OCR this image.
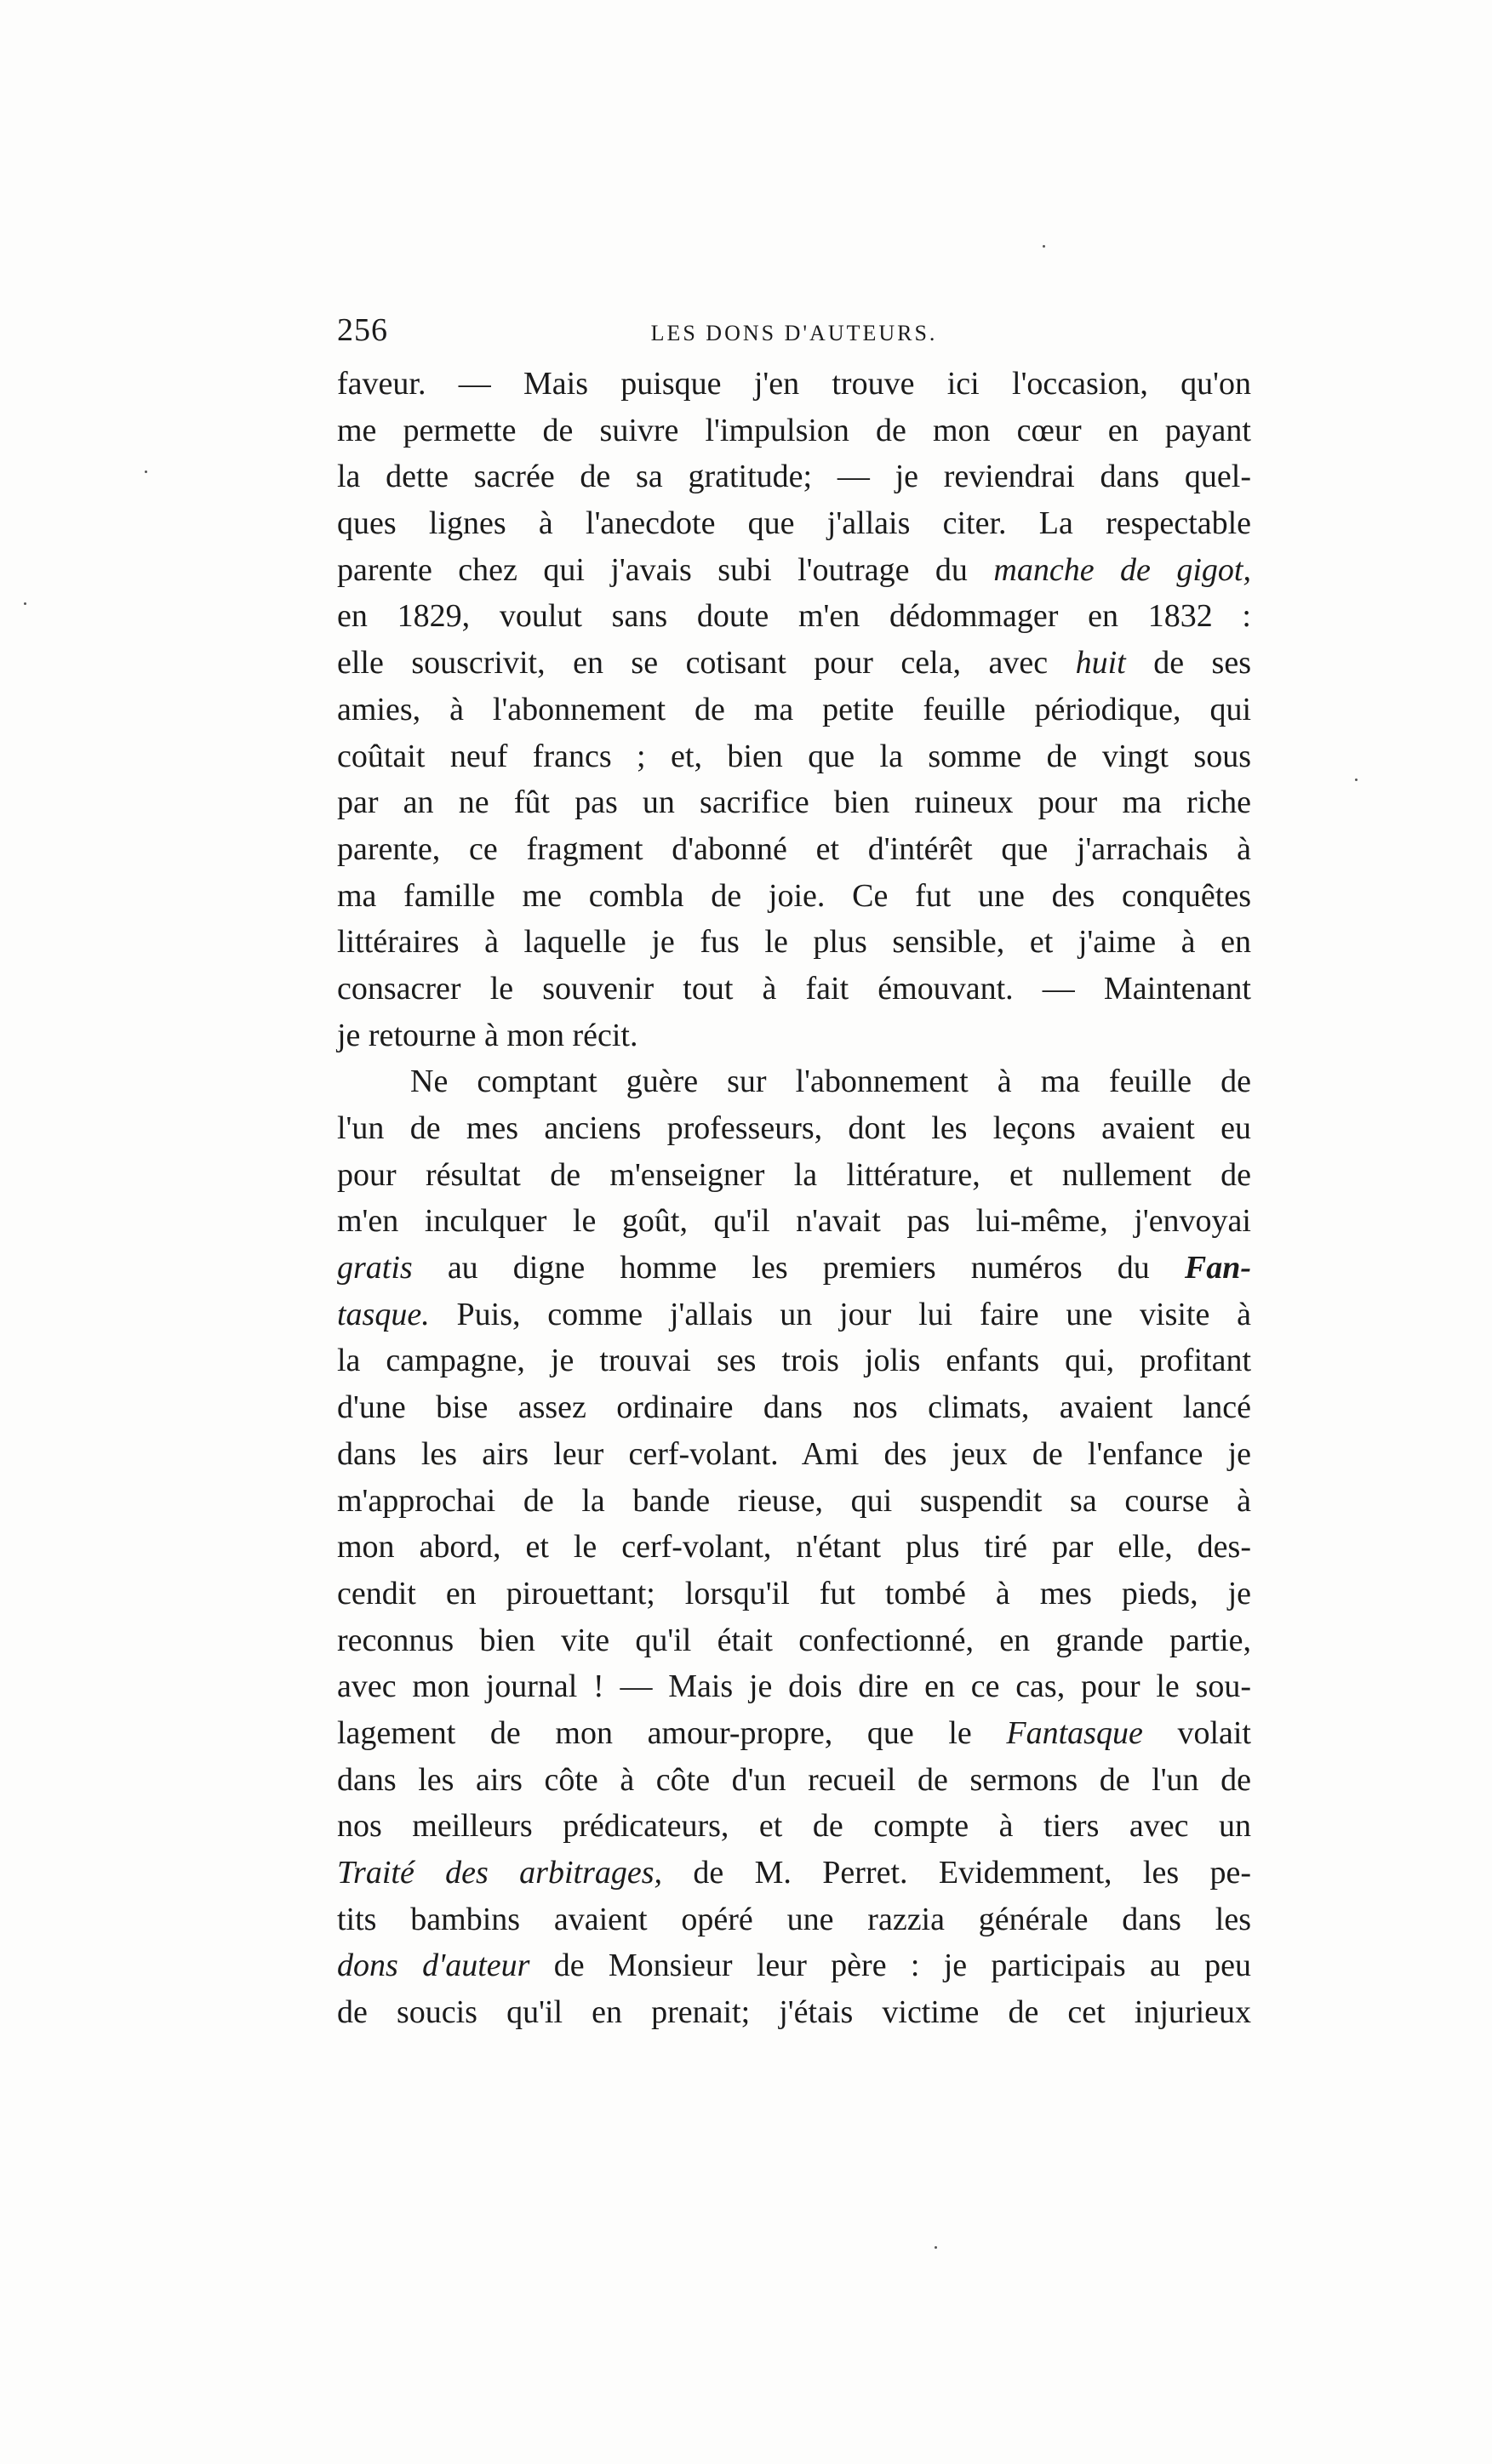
256	LES DONS D'AUTEURS.
faveur. — Mais puisque j'en trouve ici l'occasion, qu'on
me permette de suivre l'impulsion de mon cœur en payant
la dette sacrée de sa gratitude; — je reviendrai dans quel-
ques lignes à l'anecdote que j'allais citer. La respectable
parente chez qui j'avais subi l'outrage du manche de gigot,
en 1829, voulut sans doute m'en dédommager en 1832 :
elle souscrivit, en se cotisant pour cela, avec huit de ses
amies, à l'abonnement de ma petite feuille périodique, qui
coûtait neuf francs ; et, bien que la somme de vingt sous
par an ne fût pas un sacrifice bien ruineux pour ma riche
parente, ce fragment d'abonné et d'intérêt que j'arrachais à
ma famille me combla de joie. Ce fut une des conquêtes
littéraires à laquelle je fus le plus sensible, et j'aime à en
consacrer le souvenir tout à fait émouvant. — Maintenant
je retourne à mon récit.
Ne comptant guère sur l'abonnement à ma feuille de
l'un de mes anciens professeurs, dont les leçons avaient eu
pour résultat de m'enseigner la littérature, et nullement de
m'en inculquer le goût, qu'il n'avait pas lui-même, j'envoyai
gratis au digne homme les premiers numéros du Fan-
tasque. Puis, comme j'allais un jour lui faire une visite à
la campagne, je trouvai ses trois jolis enfants qui, profitant
d'une bise assez ordinaire dans nos climats, avaient lancé
dans les airs leur cerf-volant. Ami des jeux de l'enfance je
m'approchai de la bande rieuse, qui suspendit sa course à
mon abord, et le cerf-volant, n'étant plus tiré par elle, des-
cendit en pirouettant; lorsqu'il fut tombé à mes pieds, je
reconnus bien vite qu'il était confectionné, en grande partie,
avec mon journal ! — Mais je dois dire en ce cas, pour le sou-
lagement de mon amour-propre, que le Fantasque volait
dans les airs côte à côte d'un recueil de sermons de l'un de
nos meilleurs prédicateurs, et de compte à tiers avec un
Traité des arbitrages, de M. Perret. Evidemment, les pe-
tits bambins avaient opéré une razzia générale dans les
dons d'auteur de Monsieur leur père : je participais au peu
de soucis qu'il en prenait; j'étais victime de cet injurieux
